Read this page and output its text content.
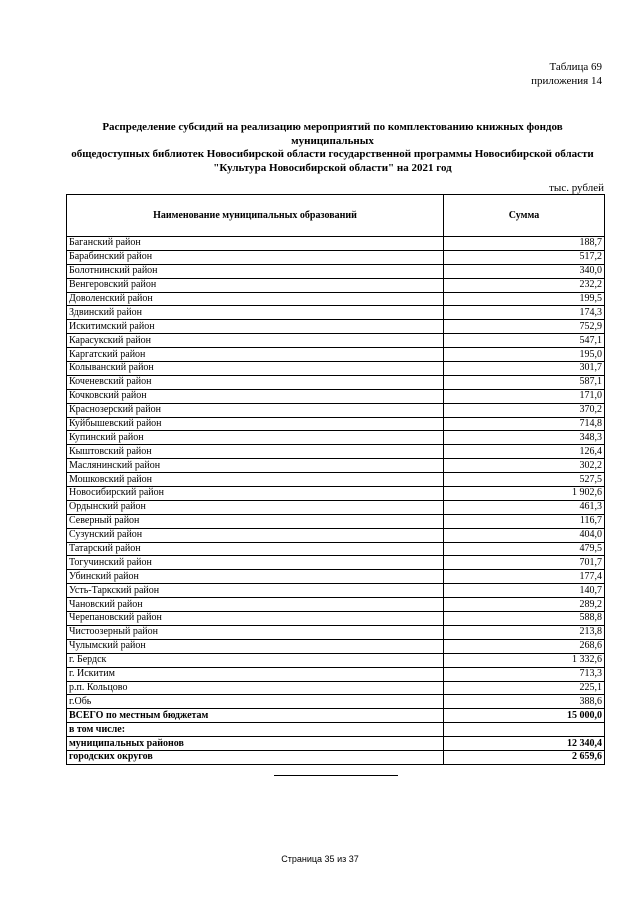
Таблица 69
приложения 14
Распределение субсидий на реализацию мероприятий по комплектованию книжных фондов муниципальных
общедоступных библиотек Новосибирской области государственной программы Новосибирской области
"Культура Новосибирской области" на 2021 год
тыс. рублей
Наименование муниципальных образований	Сумма
Баганский район	188,7
Барабинский район	517,2
Болотнинский район	340,0
Венгеровский район	232,2
Доволенский район	199,5
Здвинский район	174,3
Искитимский район	752,9
Карасукский район	547,1
Каргатский район	195,0
Колыванский район	301,7
Коченевский район	587,1
Кочковский район	171,0
Краснозерский район	370,2
Куйбышевский район	714,8
Купинский район	348,3
Кыштовский район	126,4
Маслянинский район	302,2
Мошковский район	527,5
Новосибирский район	1 902,6
Ордынский район	461,3
Северный район	116,7
Сузунский район	404,0
Татарский район	479,5
Тогучинский район	701,7
Убинский район	177,4
Усть-Таркский район	140,7
Чановский район	289,2
Черепановский район	588,8
Чистоозерный район	213,8
Чулымский район	268,6
г. Бердск	1 332,6
г. Искитим	713,3
р.п. Кольцово	225,1
г.Обь	388,6
ВСЕГО по местным бюджетам	15 000,0
в том числе:	
муниципальных районов	12 340,4
городских округов	2 659,6
Страница 35 из 37
